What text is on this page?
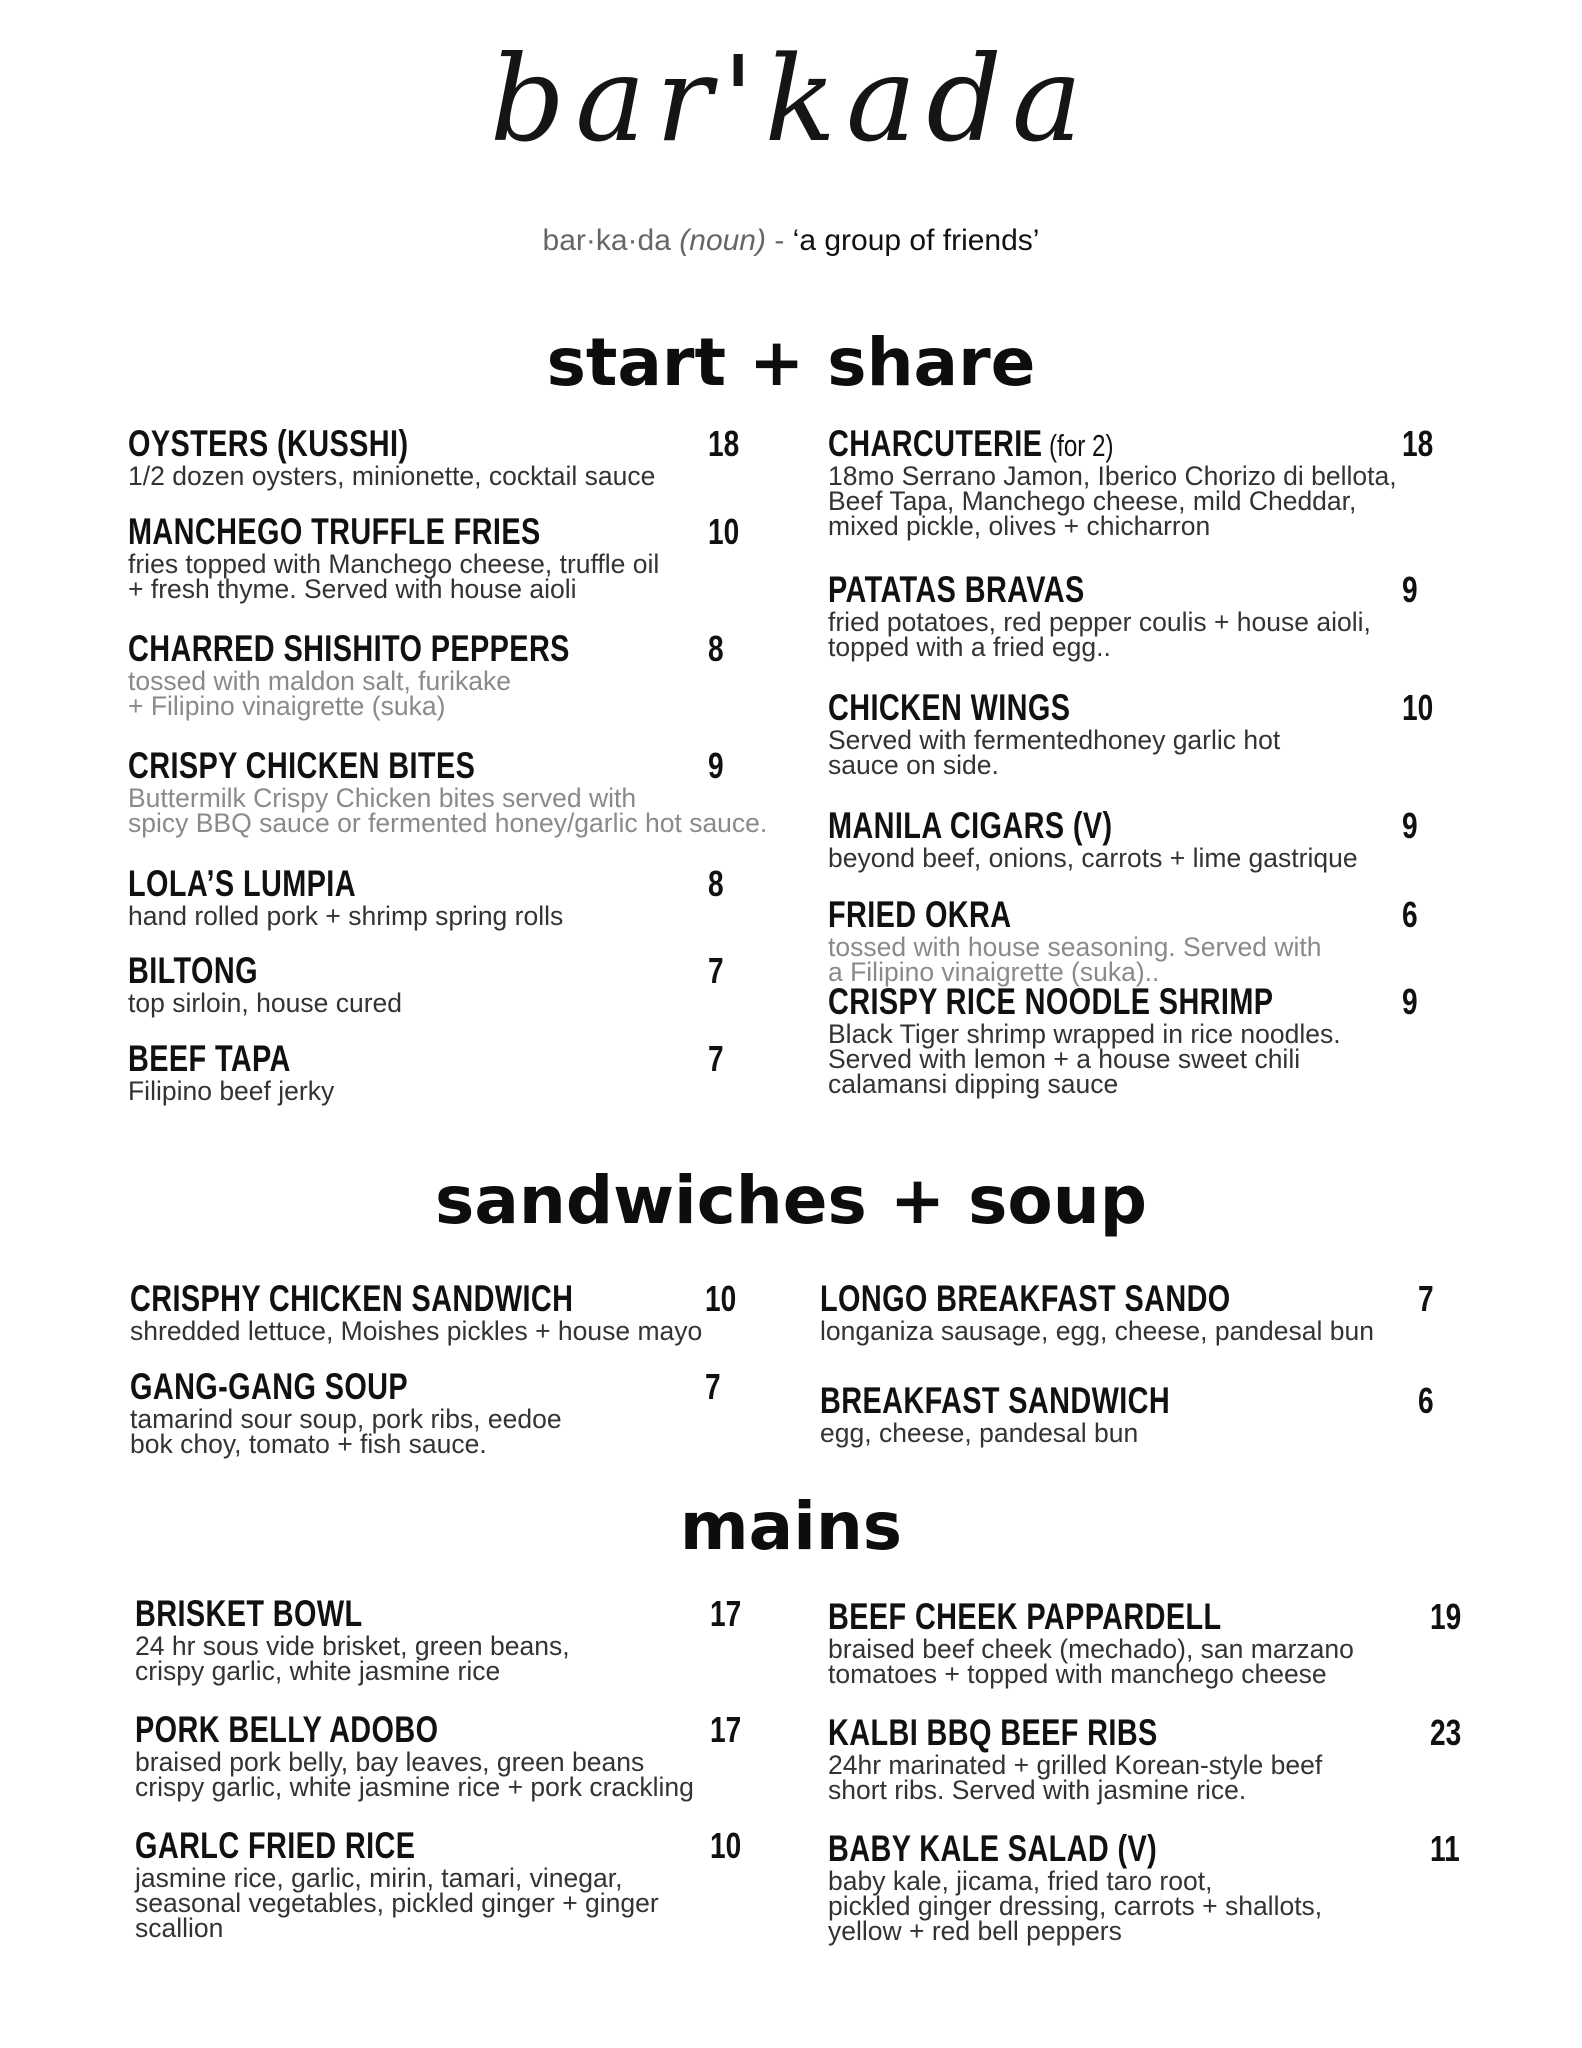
bar'kada
bar·ka·da (noun) - ‘a group of friends’
start + share
sandwiches + soup
mains
OYSTERS (KUSSHI)	18
1/2 dozen oysters, minionette, cocktail sauce
MANCHEGO TRUFFLE FRIES	10
fries topped with Manchego cheese, truffle oil
+ fresh thyme. Served with house aioli
CHARRED SHISHITO PEPPERS	8
tossed with maldon salt, furikake
+ Filipino vinaigrette (suka)
CRISPY CHICKEN BITES	9
Buttermilk Crispy Chicken bites served with
spicy BBQ sauce or fermented honey/garlic hot sauce.
LOLA’S LUMPIA	8
hand rolled pork + shrimp spring rolls
BILTONG	7
top sirloin, house cured
BEEF TAPA	7
Filipino beef jerky
CHARCUTERIE (for 2)	18
18mo Serrano Jamon, Iberico Chorizo di bellota,
Beef Tapa, Manchego cheese, mild Cheddar,
mixed pickle, olives + chicharron
PATATAS BRAVAS	9
fried potatoes, red pepper coulis + house aioli,
topped with a fried egg..
CHICKEN WINGS	10
Served with fermentedhoney garlic hot
sauce on side.
MANILA CIGARS (V)	9
beyond beef, onions, carrots + lime gastrique
FRIED OKRA	6
tossed with house seasoning. Served with
a Filipino vinaigrette (suka)..
CRISPY RICE NOODLE SHRIMP	9
Black Tiger shrimp wrapped in rice noodles.
Served with lemon + a house sweet chili
calamansi dipping sauce
CRISPHY CHICKEN SANDWICH	10
shredded lettuce, Moishes pickles + house mayo
GANG-GANG SOUP	7
tamarind sour soup, pork ribs, eedoe
bok choy, tomato + fish sauce.
LONGO BREAKFAST SANDO	7
longaniza sausage, egg, cheese, pandesal bun
BREAKFAST SANDWICH	6
egg, cheese, pandesal bun
BRISKET BOWL	17
24 hr sous vide brisket, green beans,
crispy garlic, white jasmine rice
PORK BELLY ADOBO	17
braised pork belly, bay leaves, green beans
crispy garlic, white jasmine rice + pork crackling
GARLC FRIED RICE	10
jasmine rice, garlic, mirin, tamari, vinegar,
seasonal vegetables, pickled ginger + ginger
scallion
BEEF CHEEK PAPPARDELL	19
braised beef cheek (mechado), san marzano
tomatoes + topped with manchego cheese
KALBI BBQ BEEF RIBS	23
24hr marinated + grilled Korean-style beef
short ribs. Served with jasmine rice.
BABY KALE SALAD (V)	11
baby kale, jicama, fried taro root,
pickled ginger dressing, carrots + shallots,
yellow + red bell peppers
